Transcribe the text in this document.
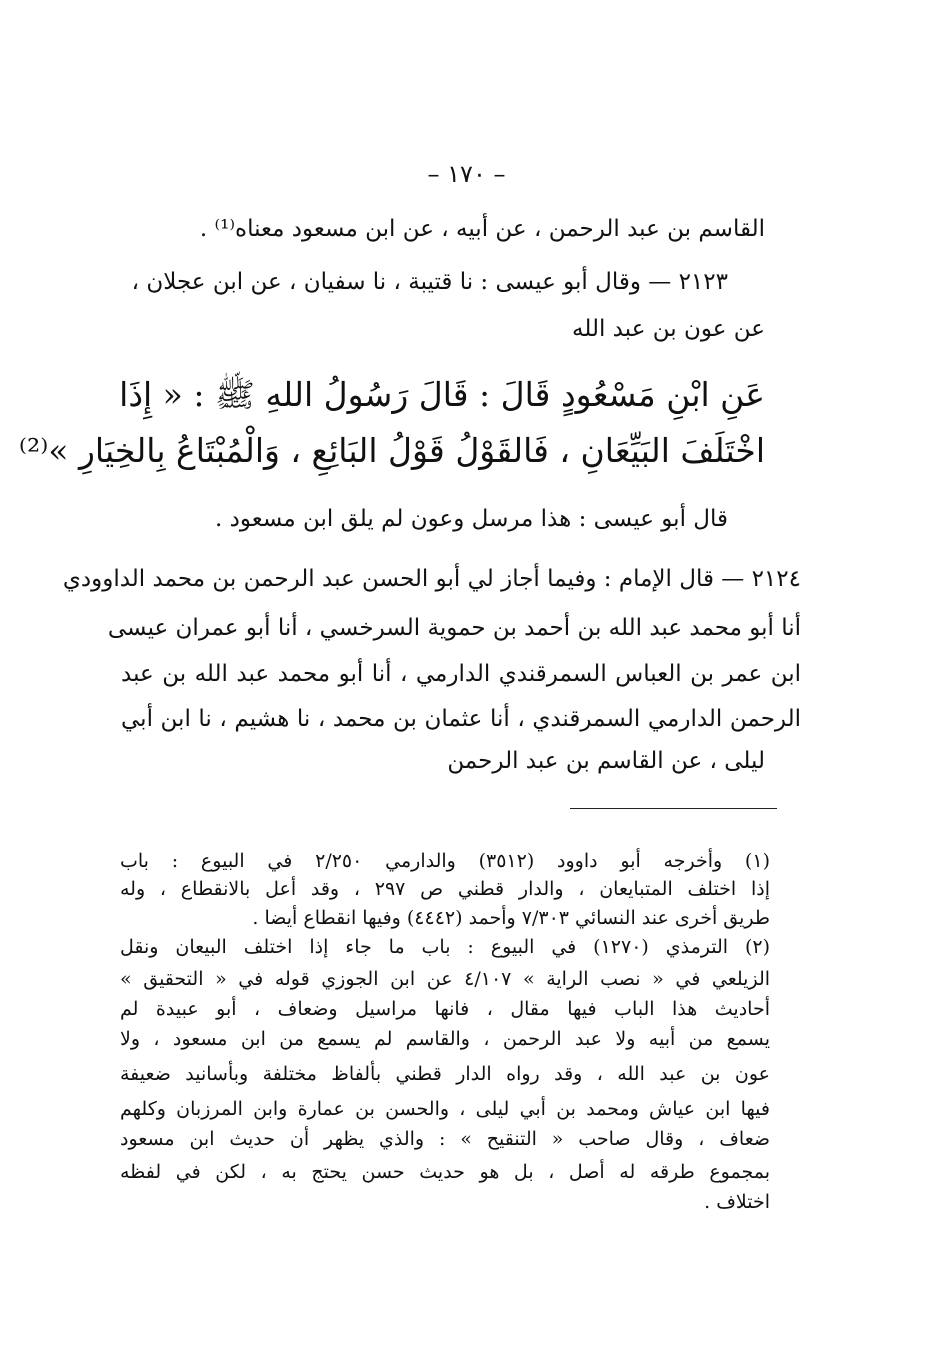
– ١٧٠ –
القاسم بن عبد الرحمن ، عن أبيه ، عن ابن مسعود معناه⁽¹⁾ .
٢١٢٣ — وقال أبو عيسى : نا قتيبة ، نا سفيان ، عن ابن عجلان ،
عن عون بن عبد الله
عَنِ ابْنِ مَسْعُودٍ قَالَ : قَالَ رَسُولُ اللهِ ﷺ : « إِذَا
اخْتَلَفَ البَيِّعَانِ ، فَالقَوْلُ قَوْلُ البَائِعِ ، وَالْمُبْتَاعُ بِالخِيَارِ »⁽²⁾
قال أبو عيسى : هذا مرسل وعون لم يلق ابن مسعود .
٢١٢٤ — قال الإمام : وفيما أجاز لي أبو الحسن عبد الرحمن بن محمد الداوودي
أنا أبو محمد عبد الله بن أحمد بن حموية السرخسي ، أنا أبو عمران عيسى
ابن عمر بن العباس السمرقندي الدارمي ، أنا أبو محمد عبد الله بن عبد
الرحمن الدارمي السمرقندي ، أنا عثمان بن محمد ، نا هشيم ، نا ابن أبي
ليلى ، عن القاسم بن عبد الرحمن
(١) وأخرجه أبو داوود (٣٥١٢) والدارمي ٢/٢٥٠ في البيوع : باب
إذا اختلف المتبايعان ، والدار قطني ص ٢٩٧ ، وقد أعل بالانقطاع ، وله
طريق أخرى عند النسائي ٧/٣٠٣ وأحمد (٤٤٤٢) وفيها انقطاع أيضا .
(٢) الترمذي (١٢٧٠) في البيوع : باب ما جاء إذا اختلف البيعان ونقل
الزيلعي في « نصب الراية » ٤/١٠٧ عن ابن الجوزي قوله في « التحقيق »
أحاديث هذا الباب فيها مقال ، فانها مراسيل وضعاف ، أبو عبيدة لم
يسمع من أبيه ولا عبد الرحمن ، والقاسم لم يسمع من ابن مسعود ، ولا
عون بن عبد الله ، وقد رواه الدار قطني بألفاظ مختلفة وبأسانيد ضعيفة
فيها ابن عياش ومحمد بن أبي ليلى ، والحسن بن عمارة وابن المرزبان وكلهم
ضعاف ، وقال صاحب « التنقيح » : والذي يظهر أن حديث ابن مسعود
بمجموع طرقه له أصل ، بل هو حديث حسن يحتج به ، لكن في لفظه
اختلاف .
